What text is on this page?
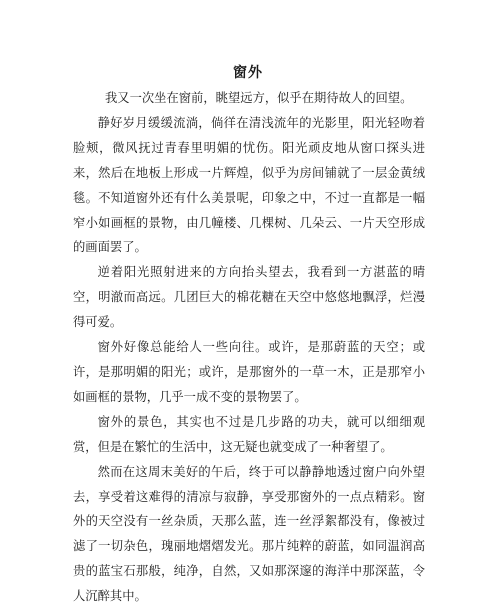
窗外

我又一次坐在窗前，眺望远方，似乎在期待故人的回望。

静好岁月缓缓流淌，倘徉在清浅流年的光影里，阳光轻吻着脸颊，微风抚过青春里明媚的忧伤。阳光顽皮地从窗口探头进来，然后在地板上形成一片辉煌，似乎为房间铺就了一层金黄绒毯。不知道窗外还有什么美景呢，印象之中，不过一直都是一幅窄小如画框的景物，由几幢楼、几棵树、几朵云、一片天空形成的画面罢了。

逆着阳光照射进来的方向抬头望去，我看到一方湛蓝的晴空，明澈而高远。几团巨大的棉花糖在天空中悠悠地飘浮，烂漫得可爱。

窗外好像总能给人一些向往。或许，是那蔚蓝的天空；或许，是那明媚的阳光；或许，是那窗外的一草一木，正是那窄小如画框的景物，几乎一成不变的景物罢了。

窗外的景色，其实也不过是几步路的功夫，就可以细细观赏，但是在繁忙的生活中，这无疑也就变成了一种奢望了。

然而在这周末美好的午后，终于可以静静地透过窗户向外望去，享受着这难得的清凉与寂静，享受那窗外的一点点精彩。窗外的天空没有一丝杂质，天那么蓝，连一丝浮絮都没有，像被过滤了一切杂色，瑰丽地熠熠发光。那片纯粹的蔚蓝，如同温润高贵的蓝宝石那般，纯净，自然，又如那深邃的海洋中那深蓝，令人沉醉其中。
